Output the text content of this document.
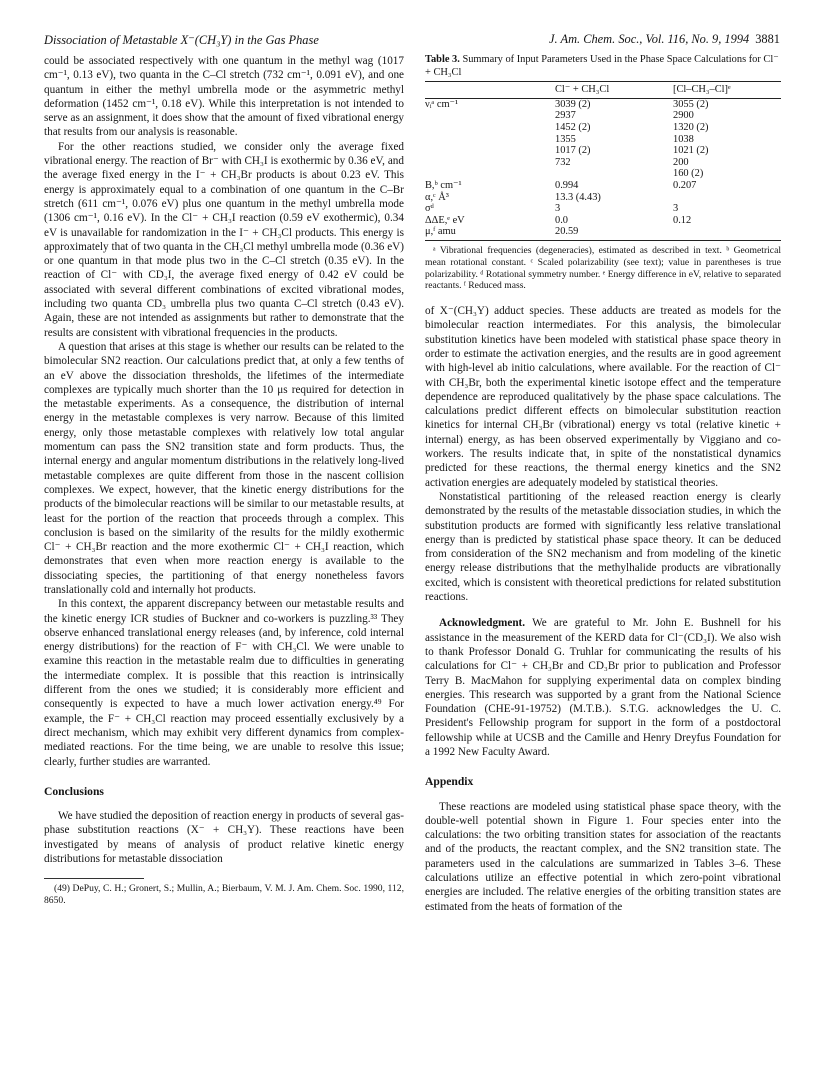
Dissociation of Metastable X⁻(CH₃Y) in the Gas Phase	J. Am. Chem. Soc., Vol. 116, No. 9, 1994 3881

could be associated respectively with one quantum in the methyl wag (1017 cm⁻¹, 0.13 eV), two quanta in the C–Cl stretch (732 cm⁻¹, 0.091 eV), and one quantum in either the methyl umbrella mode or the asymmetric methyl deformation (1452 cm⁻¹, 0.18 eV). While this interpretation is not intended to serve as an assignment, it does show that the amount of fixed vibrational energy that results from our analysis is reasonable.

For the other reactions studied, we consider only the average fixed vibrational energy. The reaction of Br⁻ with CH₃I is exothermic by 0.36 eV, and the average fixed energy in the I⁻ + CH₃Br products is about 0.23 eV. This energy is approximately equal to a combination of one quantum in the C–Br stretch (611 cm⁻¹, 0.076 eV) plus one quantum in the methyl umbrella mode (1306 cm⁻¹, 0.16 eV). In the Cl⁻ + CH₃I reaction (0.59 eV exothermic), 0.34 eV is unavailable for randomization in the I⁻ + CH₃Cl products. This energy is approximately that of two quanta in the CH₃Cl methyl umbrella mode (0.36 eV) or one quantum in that mode plus two in the C–Cl stretch (0.35 eV). In the reaction of Cl⁻ with CD₃I, the average fixed energy of 0.42 eV could be associated with several different combinations of excited vibrational modes, including two quanta CD₃ umbrella plus two quanta C–Cl stretch (0.43 eV). Again, these are not intended as assignments but rather to demonstrate that the results are consistent with vibrational frequencies in the products.

A question that arises at this stage is whether our results can be related to the bimolecular SN2 reaction. Our calculations predict that, at only a few tenths of an eV above the dissociation thresholds, the lifetimes of the intermediate complexes are typically much shorter than the 10 μs required for detection in the metastable experiments. As a consequence, the distribution of internal energy in the metastable complexes is very narrow. Because of this limited energy, only those metastable complexes with relatively low total angular momentum can pass the SN2 transition state and form products. Thus, the internal energy and angular momentum distributions in the relatively long-lived metastable complexes are quite different from those in the nascent collision complexes. We expect, however, that the kinetic energy distributions for the products of the bimolecular reactions will be similar to our metastable results, at least for the portion of the reaction that proceeds through a complex. This conclusion is based on the similarity of the results for the mildly exothermic Cl⁻ + CH₃Br reaction and the more exothermic Cl⁻ + CH₃I reaction, which demonstrates that even when more reaction energy is available to the dissociating species, the partitioning of that energy nonetheless favors translationally cold and internally hot products.

In this context, the apparent discrepancy between our metastable results and the kinetic energy ICR studies of Buckner and co-workers is puzzling.³³ They observe enhanced translational energy releases (and, by inference, cold internal energy distributions) for the reaction of F⁻ with CH₃Cl. We were unable to examine this reaction in the metastable realm due to difficulties in generating the intermediate complex. It is possible that this reaction is intrinsically different from the ones we studied; it is considerably more efficient and consequently is expected to have a much lower activation energy.⁴⁹ For example, the F⁻ + CH₃Cl reaction may proceed essentially exclusively by a direct mechanism, which may exhibit very different dynamics from complex-mediated reactions. For the time being, we are unable to resolve this issue; clearly, further studies are warranted.

Conclusions

We have studied the deposition of reaction energy in products of several gas-phase substitution reactions (X⁻ + CH₃Y). These reactions have been investigated by means of analysis of product relative kinetic energy distributions for metastable dissociation

(49) DePuy, C. H.; Gronert, S.; Mullin, A.; Bierbaum, V. M. J. Am. Chem. Soc. 1990, 112, 8650.

Table 3. Summary of Input Parameters Used in the Phase Space Calculations for Cl⁻ + CH₃Cl
	Cl⁻ + CH₃Cl	[Cl–CH₃–Cl]ᵉ
νᵢᵃ cm⁻¹	3039 (2)	3055 (2)
	2937	2900
	1452 (2)	1320 (2)
	1355	1038
	1017 (2)	1021 (2)
	732	200
		160 (2)
B,ᵇ cm⁻¹	0.994	0.207
α,ᶜ Å³	13.3 (4.43)	
σᵈ	3	3
ΔΔE,ᵉ eV	0.0	0.12
μ,ᶠ amu	20.59	
ᵃ Vibrational frequencies (degeneracies), estimated as described in text. ᵇ Geometrical mean rotational constant. ᶜ Scaled polarizability (see text); value in parentheses is true polarizability. ᵈ Rotational symmetry number. ᵉ Energy difference in eV, relative to separated reactants. ᶠ Reduced mass.

of X⁻(CH₃Y) adduct species. These adducts are treated as models for the bimolecular reaction intermediates. For this analysis, the bimolecular substitution kinetics have been modeled with statistical phase space theory in order to estimate the activation energies, and the results are in good agreement with high-level ab initio calculations, where available. For the reaction of Cl⁻ with CH₃Br, both the experimental kinetic isotope effect and the temperature dependence are reproduced qualitatively by the phase space calculations. The calculations predict different effects on bimolecular substitution reaction kinetics for internal CH₃Br (vibrational) energy vs total (relative kinetic + internal) energy, as has been observed experimentally by Viggiano and co-workers. The results indicate that, in spite of the nonstatistical dynamics predicted for these reactions, the thermal energy kinetics and the SN2 activation energies are adequately modeled by statistical theories.

Nonstatistical partitioning of the released reaction energy is clearly demonstrated by the results of the metastable dissociation studies, in which the substitution products are formed with significantly less relative translational energy than is predicted by statistical phase space theory. It can be deduced from consideration of the SN2 mechanism and from modeling of the kinetic energy release distributions that the methylhalide products are vibrationally excited, which is consistent with theoretical predictions for related substitution reactions.

Acknowledgment. We are grateful to Mr. John E. Bushnell for his assistance in the measurement of the KERD data for Cl⁻(CD₃I). We also wish to thank Professor Donald G. Truhlar for communicating the results of his calculations for Cl⁻ + CH₃Br and CD₃Br prior to publication and Professor Terry B. MacMahon for supplying experimental data on complex binding energies. This research was supported by a grant from the National Science Foundation (CHE-91-19752) (M.T.B.). S.T.G. acknowledges the U. C. President's Fellowship program for support in the form of a postdoctoral fellowship while at UCSB and the Camille and Henry Dreyfus Foundation for a 1992 New Faculty Award.

Appendix

These reactions are modeled using statistical phase space theory, with the double-well potential shown in Figure 1. Four species enter into the calculations: the two orbiting transition states for association of the reactants and of the products, the reactant complex, and the SN2 transition state. The parameters used in the calculations are summarized in Tables 3–6. These calculations utilize an effective potential in which zero-point vibrational energies are included. The relative energies of the orbiting transition states are estimated from the heats of formation of the
